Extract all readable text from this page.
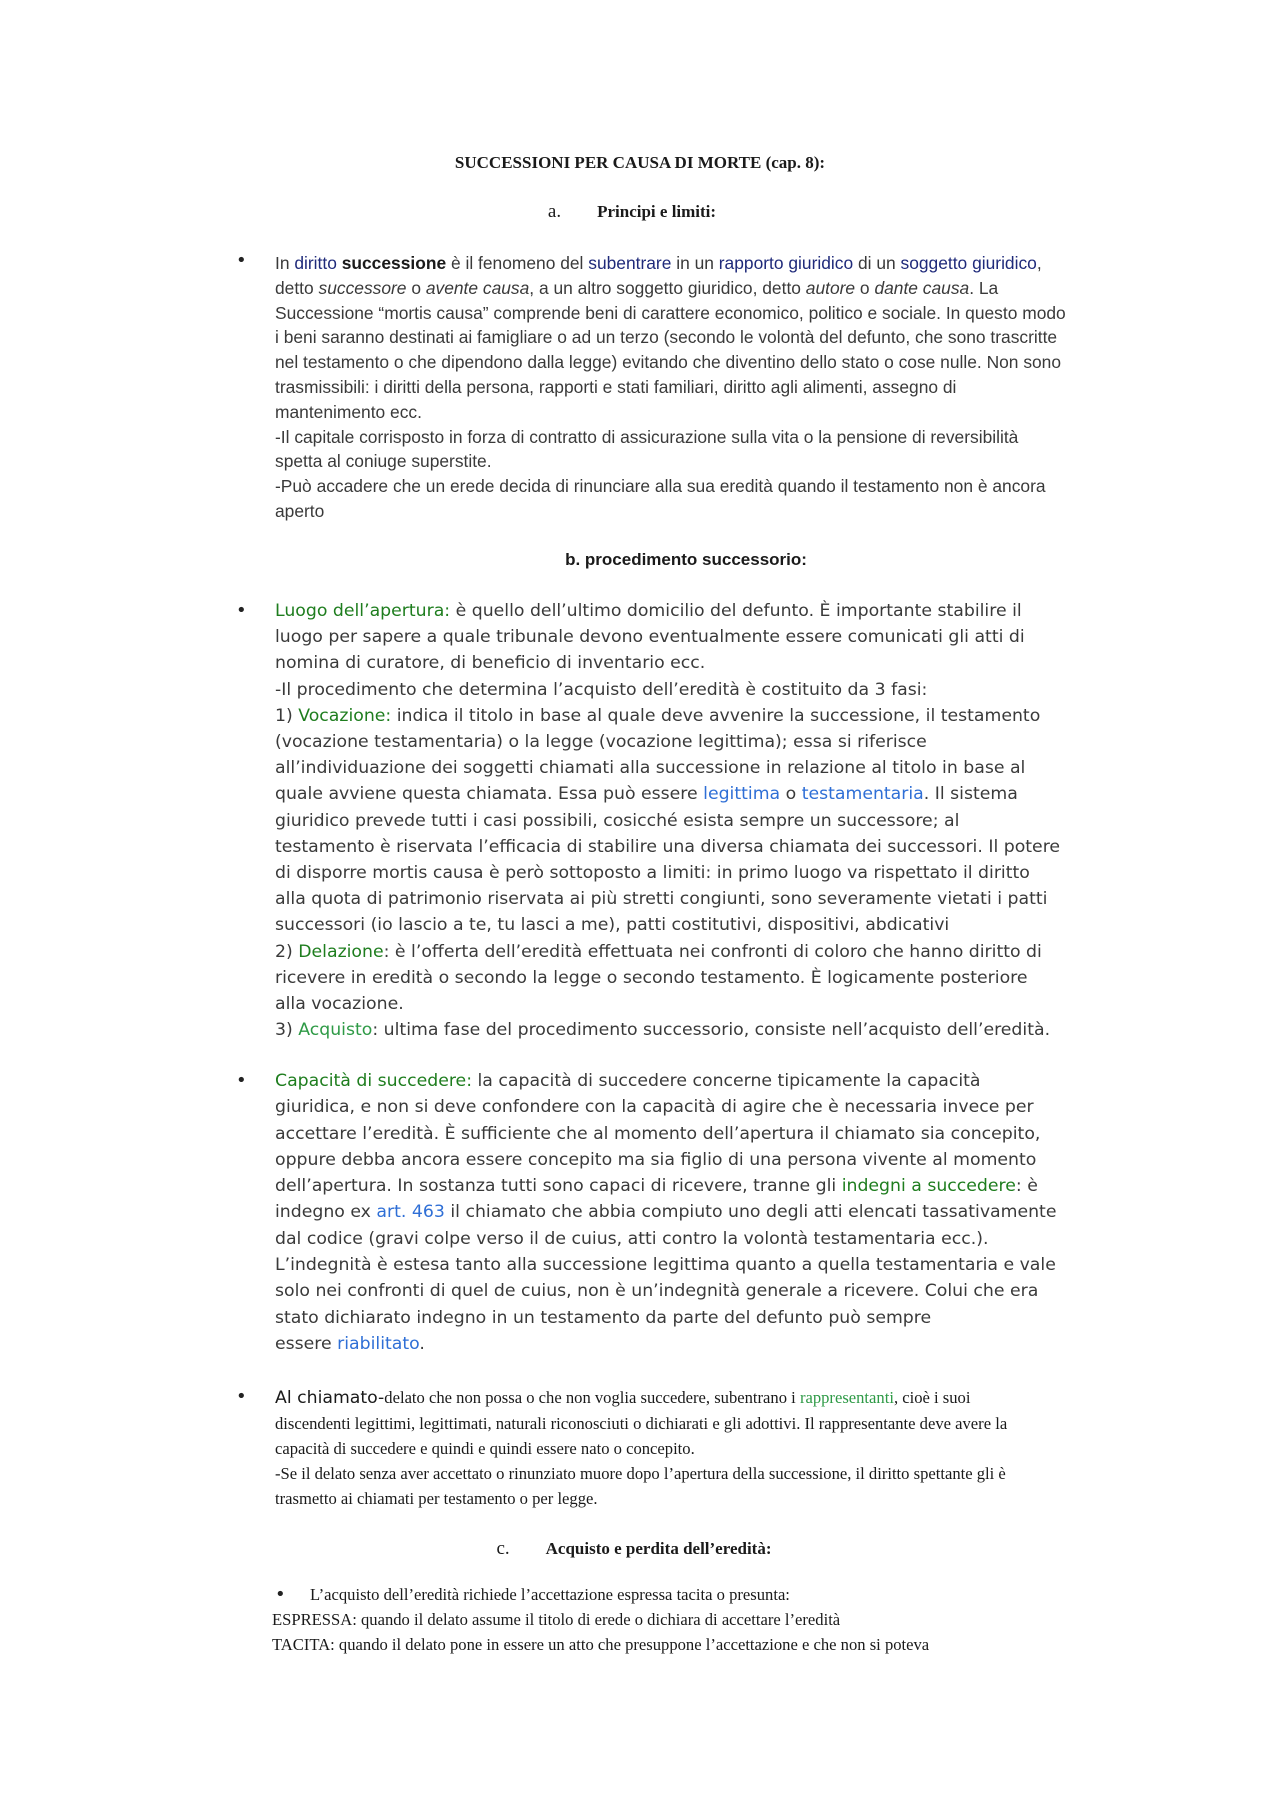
SUCCESSIONI PER CAUSA DI MORTE (cap. 8):
a. Principi e limiti:
• In diritto successione è il fenomeno del subentrare in un rapporto giuridico di un soggetto giuridico,
detto successore o avente causa, a un altro soggetto giuridico, detto autore o dante causa. La
Successione “mortis causa” comprende beni di carattere economico, politico e sociale. In questo modo
i beni saranno destinati ai famigliare o ad un terzo (secondo le volontà del defunto, che sono trascritte
nel testamento o che dipendono dalla legge) evitando che diventino dello stato o cose nulle. Non sono
trasmissibili: i diritti della persona, rapporti e stati familiari, diritto agli alimenti, assegno di
mantenimento ecc.
-Il capitale corrisposto in forza di contratto di assicurazione sulla vita o la pensione di reversibilità
spetta al coniuge superstite.
-Può accadere che un erede decida di rinunciare alla sua eredità quando il testamento non è ancora
aperto
b. procedimento successorio:
• Luogo dell’apertura: è quello dell’ultimo domicilio del defunto. È importante stabilire il
luogo per sapere a quale tribunale devono eventualmente essere comunicati gli atti di
nomina di curatore, di beneficio di inventario ecc.
-Il procedimento che determina l’acquisto dell’eredità è costituito da 3 fasi:
1) Vocazione: indica il titolo in base al quale deve avvenire la successione, il testamento
(vocazione testamentaria) o la legge (vocazione legittima); essa si riferisce
all’individuazione dei soggetti chiamati alla successione in relazione al titolo in base al
quale avviene questa chiamata. Essa può essere legittima o testamentaria. Il sistema
giuridico prevede tutti i casi possibili, cosicché esista sempre un successore; al
testamento è riservata l’efficacia di stabilire una diversa chiamata dei successori. Il potere
di disporre mortis causa è però sottoposto a limiti: in primo luogo va rispettato il diritto
alla quota di patrimonio riservata ai più stretti congiunti, sono severamente vietati i patti
successori (io lascio a te, tu lasci a me), patti costitutivi, dispositivi, abdicativi
2) Delazione: è l’offerta dell’eredità effettuata nei confronti di coloro che hanno diritto di
ricevere in eredità o secondo la legge o secondo testamento. È logicamente posteriore
alla vocazione.
3) Acquisto: ultima fase del procedimento successorio, consiste nell’acquisto dell’eredità.
• Capacità di succedere: la capacità di succedere concerne tipicamente la capacità
giuridica, e non si deve confondere con la capacità di agire che è necessaria invece per
accettare l’eredità. È sufficiente che al momento dell’apertura il chiamato sia concepito,
oppure debba ancora essere concepito ma sia figlio di una persona vivente al momento
dell’apertura. In sostanza tutti sono capaci di ricevere, tranne gli indegni a succedere: è
indegno ex art. 463 il chiamato che abbia compiuto uno degli atti elencati tassativamente
dal codice (gravi colpe verso il de cuius, atti contro la volontà testamentaria ecc.).
L’indegnità è estesa tanto alla successione legittima quanto a quella testamentaria e vale
solo nei confronti di quel de cuius, non è un’indegnità generale a ricevere. Colui che era
stato dichiarato indegno in un testamento da parte del defunto può sempre
essere riabilitato.
• Al chiamato-delato che non possa o che non voglia succedere, subentrano i rappresentanti, cioè i suoi
discendenti legittimi, legittimati, naturali riconosciuti o dichiarati e gli adottivi. Il rappresentante deve avere la
capacità di succedere e quindi e quindi essere nato o concepito.
-Se il delato senza aver accettato o rinunziato muore dopo l’apertura della successione, il diritto spettante gli è
trasmetto ai chiamati per testamento o per legge.
c. Acquisto e perdita dell’eredità:
• L’acquisto dell’eredità richiede l’accettazione espressa tacita o presunta:
ESPRESSA: quando il delato assume il titolo di erede o dichiara di accettare l’eredità
TACITA: quando il delato pone in essere un atto che presuppone l’accettazione e che non si poteva
